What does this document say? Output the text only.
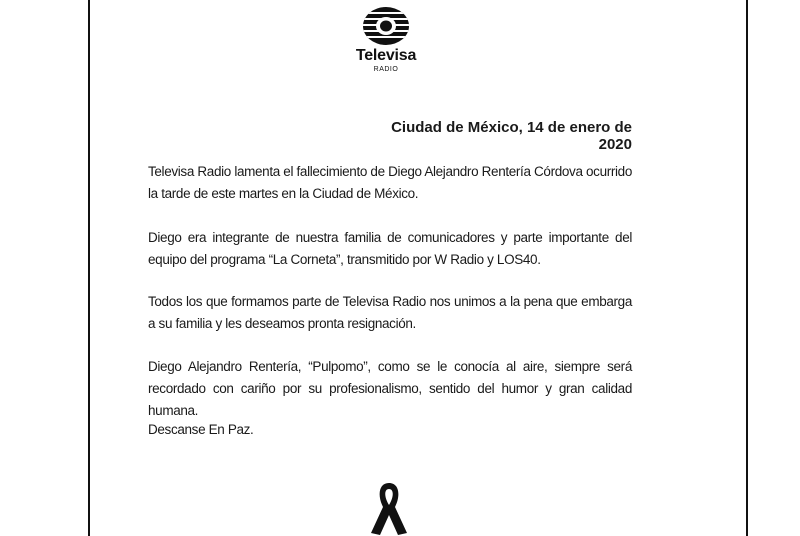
Televisa
RADIO
Ciudad de México, 14 de enero de 2020
Televisa Radio lamenta el fallecimiento de Diego Alejandro Rentería Córdova ocurrido la tarde de este martes en la Ciudad de México.
Diego era integrante de nuestra familia de comunicadores y parte importante del equipo del programa “La Corneta”, transmitido por W Radio y LOS40.
Todos los que formamos parte de Televisa Radio nos unimos a la pena que embarga a su familia y les deseamos pronta resignación.
Diego Alejandro Rentería, “Pulpomo”, como se le conocía al aire, siempre será recordado con cariño por su profesionalismo, sentido del humor y gran calidad humana.
Descanse En Paz.
